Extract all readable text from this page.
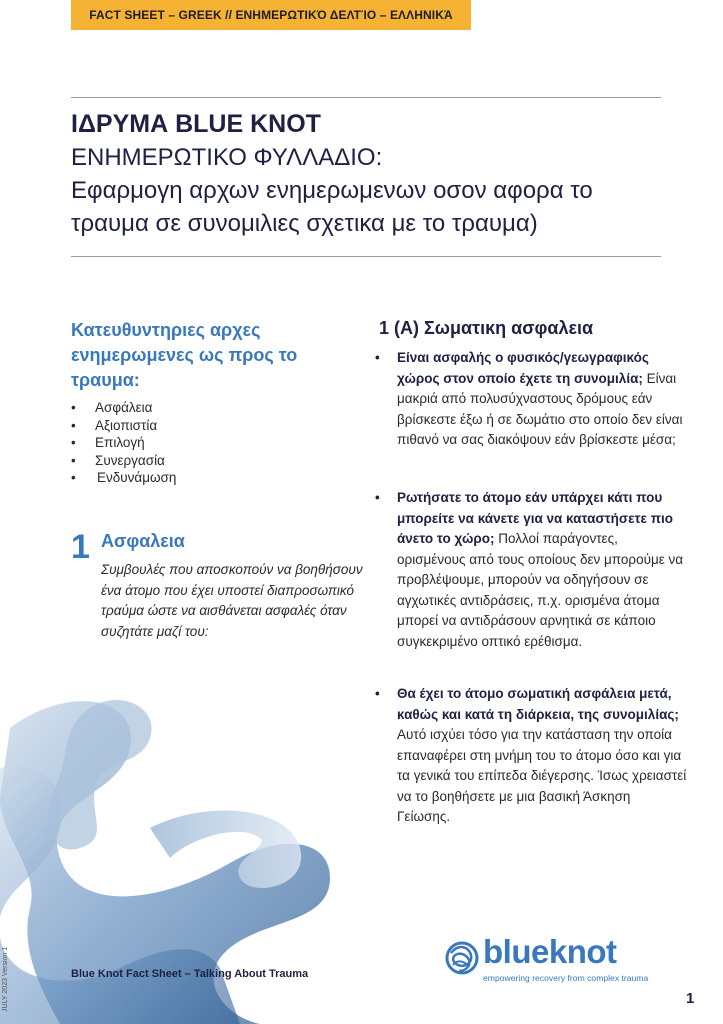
FACT SHEET – GREEK // ΕΝΗΜΕΡΩΤΙΚΌ ΔΕΛΤΊΟ – ΕΛΛΗΝΙΚΆ
ΙΔΡΥΜΑ BLUE KNOT
ΕΝΗΜΕΡΩΤΙΚΟ ΦΥΛΛΑΔΙΟ:
Εφαρμογη αρχων ενημερωμενων οσον αφορα το
τραυμα σε συνομιλιες σχετικα με το τραυμα)
Κατευθυντηριες αρχες ενημερωμενες ως προς το τραυμα:
• Ασφάλεια
• Αξιοπιστία
• Επιλογή
• Συνεργασία
• Ενδυνάμωση
1 Ασφαλεια
Συμβουλές που αποσκοπούν να βοηθήσουν ένα άτομο που έχει υποστεί διαπροσωπικό τραύμα ώστε να αισθάνεται ασφαλές όταν συζητάτε μαζί του:
1 (Α) Σωματικη ασφαλεια
• Είναι ασφαλής ο φυσικός/γεωγραφικός χώρος στον οποίο έχετε τη συνομιλία; Είναι μακριά από πολυσύχναστους δρόμους εάν βρίσκεστε έξω ή σε δωμάτιο στο οποίο δεν είναι πιθανό να σας διακόψουν εάν βρίσκεστε μέσα;
• Ρωτήσατε το άτομο εάν υπάρχει κάτι που μπορείτε να κάνετε για να καταστήσετε πιο άνετο το χώρο; Πολλοί παράγοντες, ορισμένους από τους οποίους δεν μπορούμε να προβλέψουμε, μπορούν να οδηγήσουν σε αγχωτικές αντιδράσεις, π.χ. ορισμένα άτομα μπορεί να αντιδράσουν αρνητικά σε κάποιο συγκεκριμένο οπτικό ερέθισμα.
• Θα έχει το άτομο σωματική ασφάλεια μετά, καθώς και κατά τη διάρκεια, της συνομιλίας; Αυτό ισχύει τόσο για την κατάσταση την οποία επαναφέρει στη μνήμη του το άτομο όσο και για τα γενικά του επίπεδα διέγερσης. Ίσως χρειαστεί να το βοηθήσετε με μια βασική Άσκηση Γείωσης.
Blue Knot Fact Sheet – Talking About Trauma
JULY 2023 Version 1	blueknot
empowering recovery from complex trauma
1
